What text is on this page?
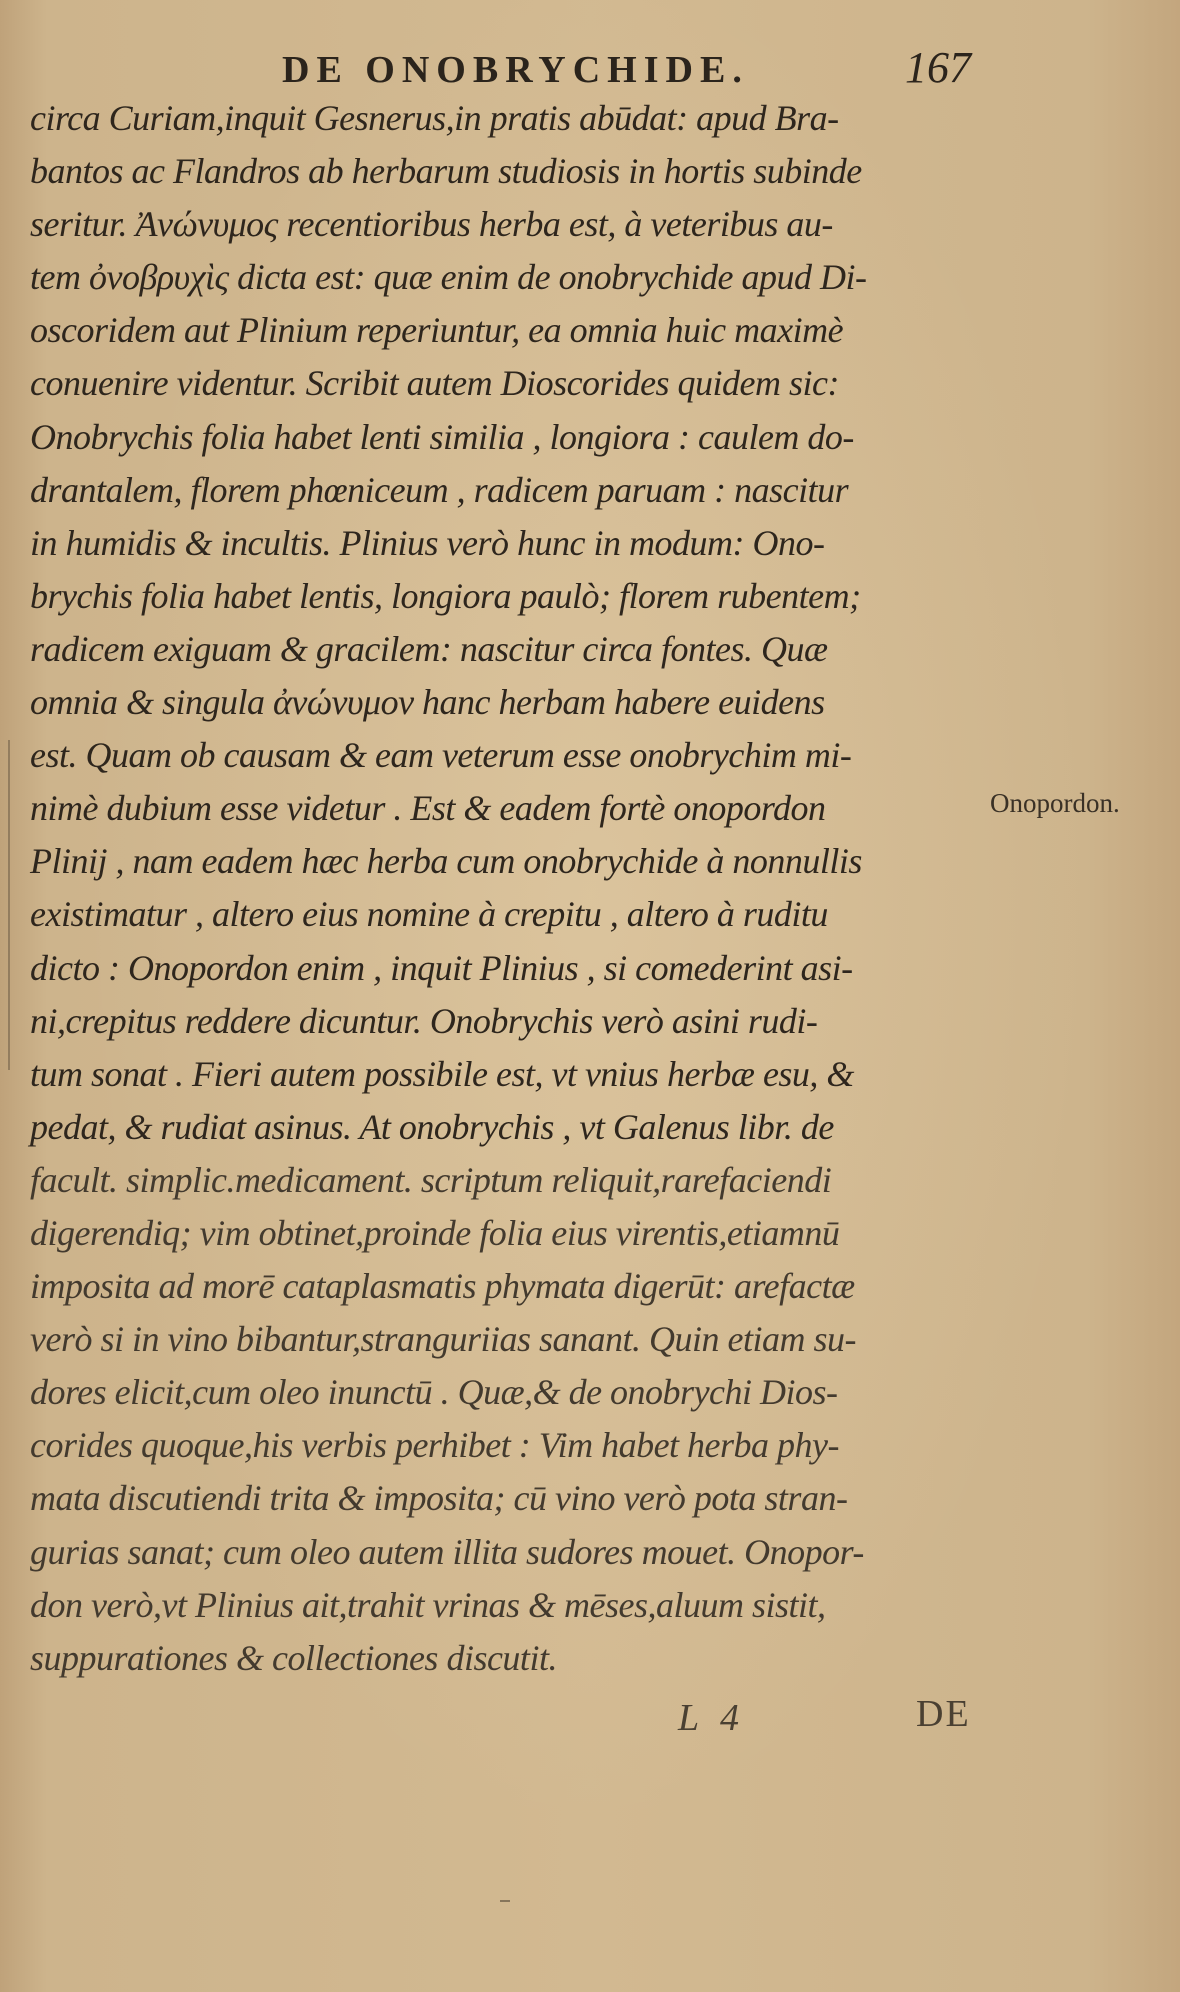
DE ONOBRYCHIDE.	167
circa Curiam,inquit Gesnerus,in pratis abūdat: apud Bra-
bantos ac Flandros ab herbarum studiosis in hortis subinde
seritur. Ἀνώνυμος recentioribus herba est, à veteribus au-
tem ὀνοβρυχὶς dicta est: quæ enim de onobrychide apud Di-
oscoridem aut Plinium reperiuntur, ea omnia huic maximè
conuenire videntur. Scribit autem Dioscorides quidem sic:
Onobrychis folia habet lenti similia , longiora : caulem do-
drantalem, florem phœniceum , radicem paruam : nascitur
in humidis & incultis. Plinius verò hunc in modum: Ono-
brychis folia habet lentis, longiora paulò; florem rubentem;
radicem exiguam & gracilem: nascitur circa fontes. Quæ
omnia & singula ἀνώνυμον hanc herbam habere euidens
est. Quam ob causam & eam veterum esse onobrychim mi-
nimè dubium esse videtur . Est & eadem fortè onopordon
Plinij , nam eadem hæc herba cum onobrychide à nonnullis
existimatur , altero eius nomine à crepitu , altero à ruditu
dicto : Onopordon enim , inquit Plinius , si comederint asi-
ni,crepitus reddere dicuntur. Onobrychis verò asini rudi-
tum sonat . Fieri autem possibile est, vt vnius herbæ esu, &
pedat, & rudiat asinus. At onobrychis , vt Galenus libr. de
facult. simplic.medicament. scriptum reliquit,rarefaciendi
digerendiq; vim obtinet,proinde folia eius virentis,etiamnū
imposita ad morē cataplasmatis phymata digerūt: arefactæ
verò si in vino bibantur,stranguriias sanant. Quin etiam su-
dores elicit,cum oleo inunctū . Quæ,& de onobrychi Dios-
corides quoque,his verbis perhibet : Vim habet herba phy-
mata discutiendi trita & imposita; cū vino verò pota stran-
gurias sanat; cum oleo autem illita sudores mouet. Onopor-
don verò,vt Plinius ait,trahit vrinas & mēses,aluum sistit,
suppurationes & collectiones discutit.
Onopordon.
L 4	DE
